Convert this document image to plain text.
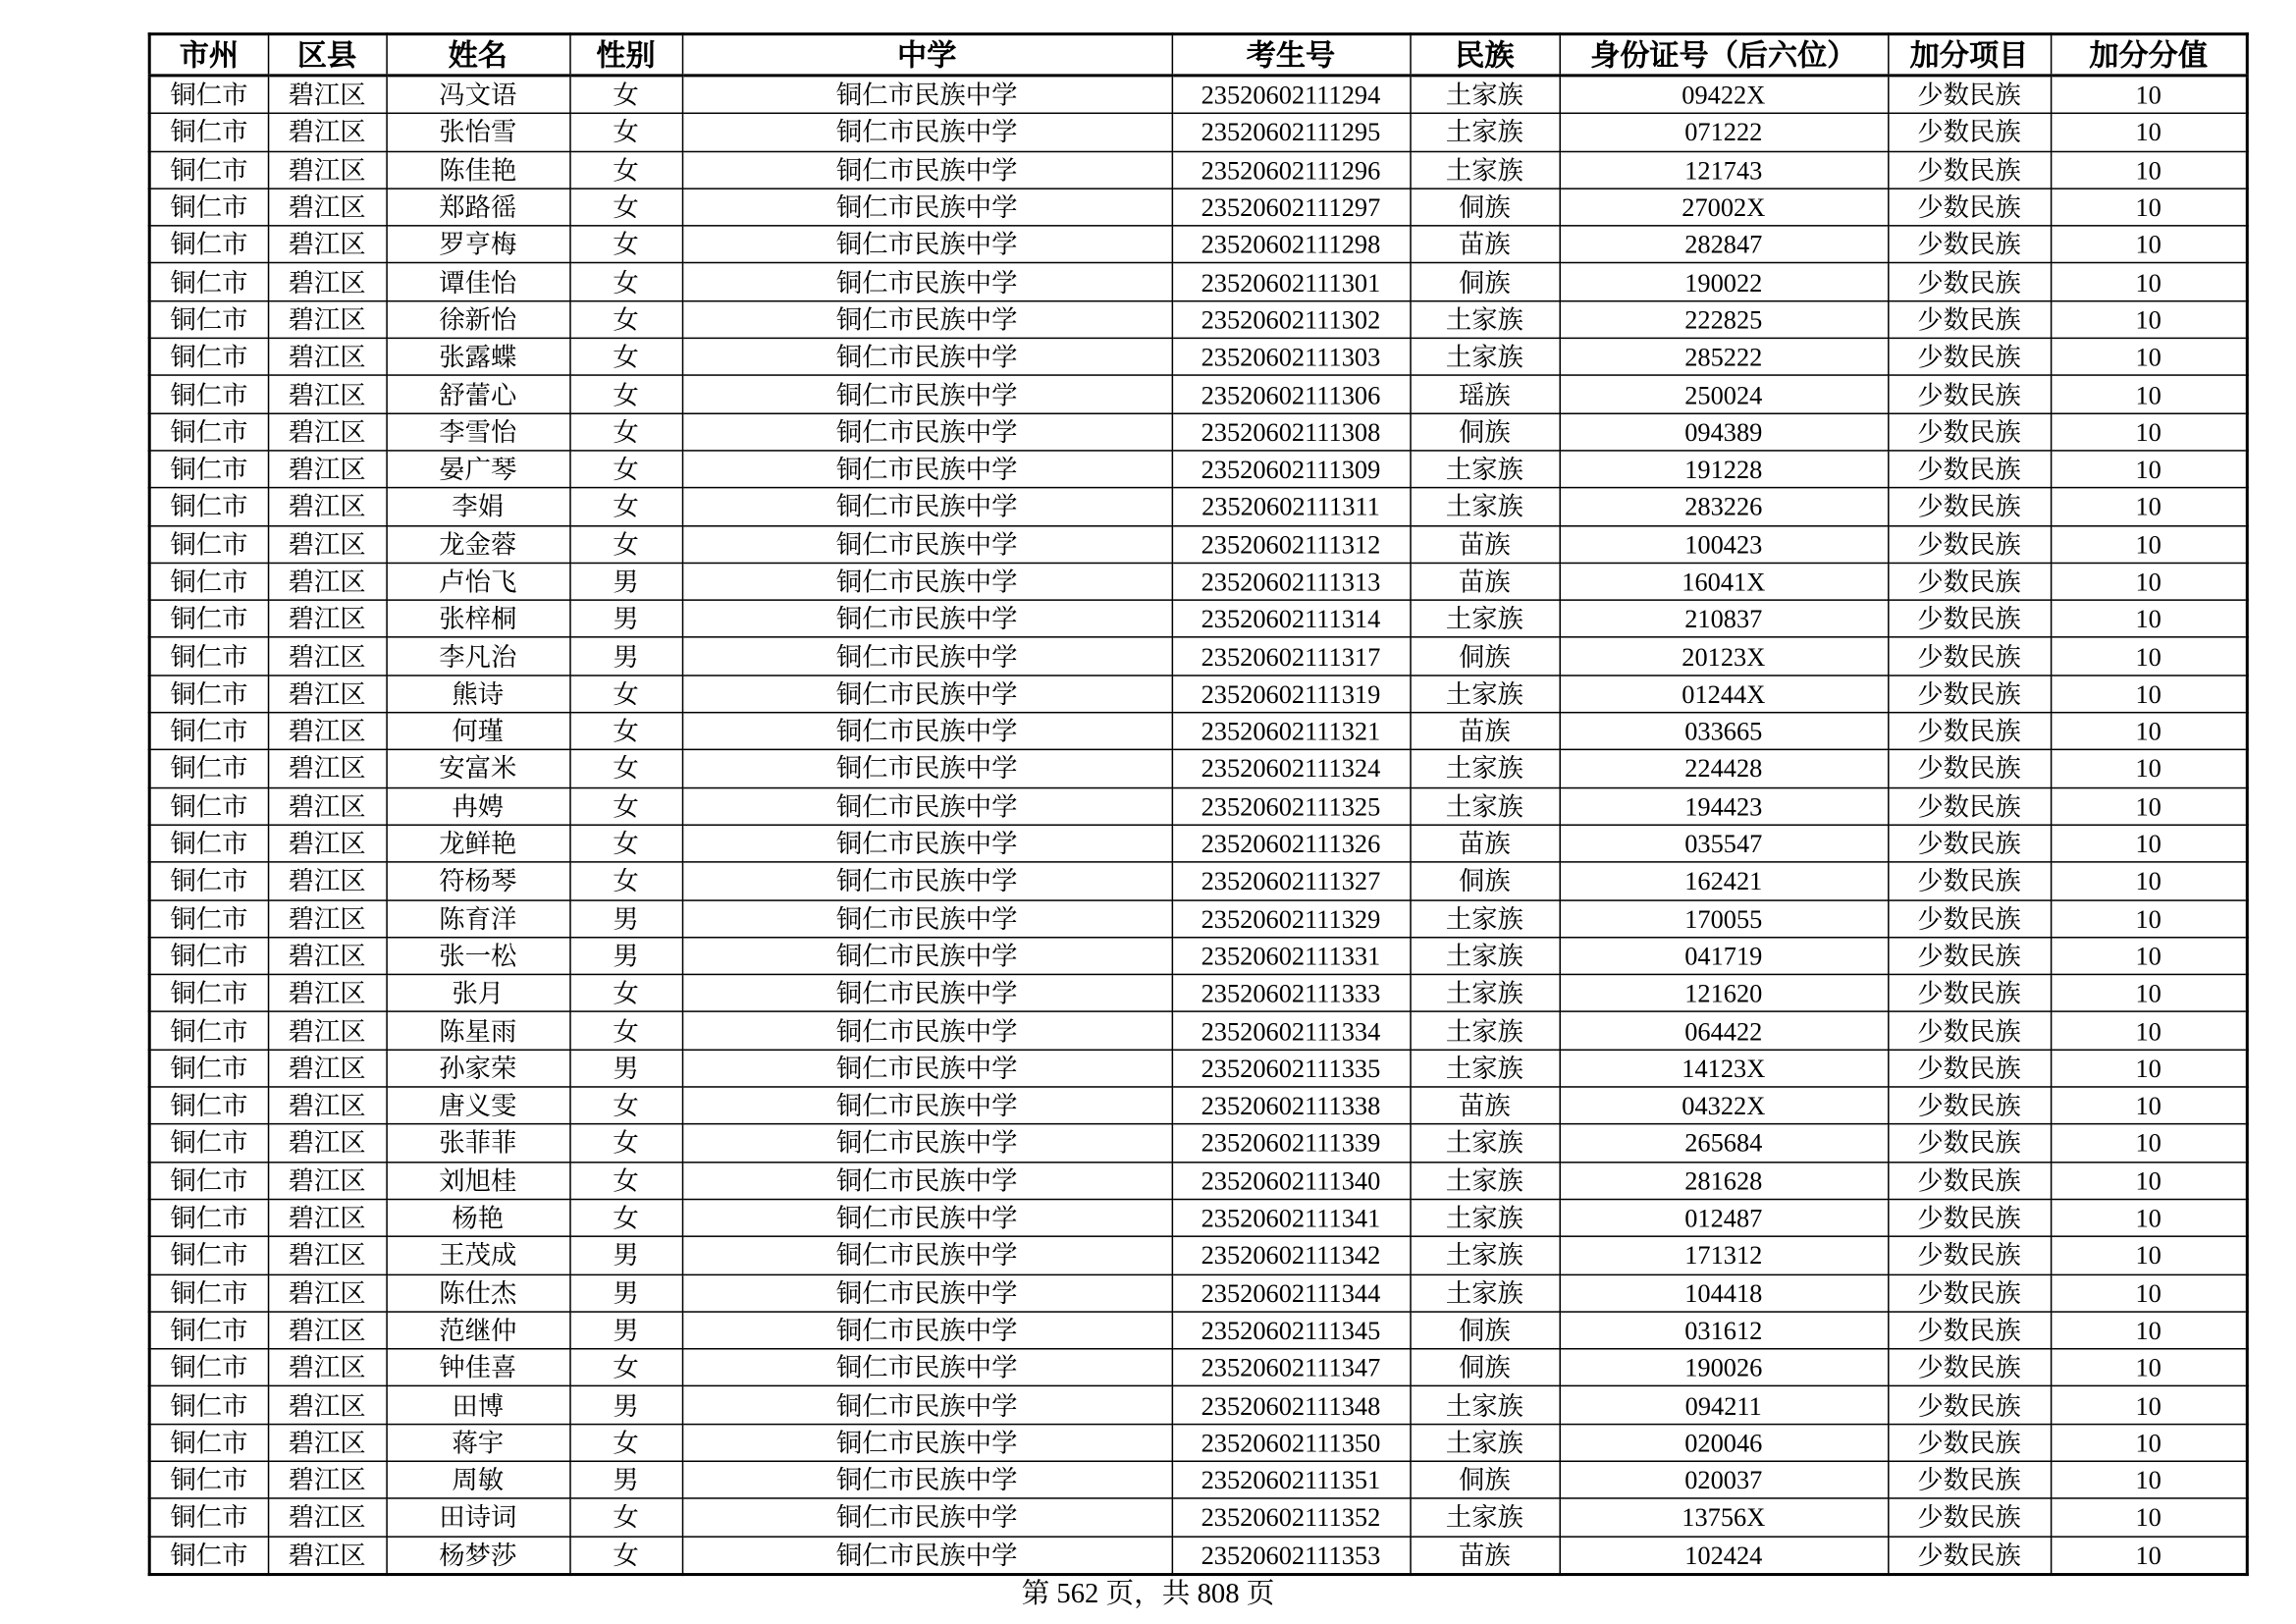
市州	区县	姓名	性别	中学	考生号	民族	身份证号（后六位）	加分项目	加分分值
铜仁市	碧江区	冯文语	女	铜仁市民族中学	23520602111294	土家族	09422X	少数民族	10
铜仁市	碧江区	张怡雪	女	铜仁市民族中学	23520602111295	土家族	071222	少数民族	10
铜仁市	碧江区	陈佳艳	女	铜仁市民族中学	23520602111296	土家族	121743	少数民族	10
铜仁市	碧江区	郑路徭	女	铜仁市民族中学	23520602111297	侗族	27002X	少数民族	10
铜仁市	碧江区	罗亨梅	女	铜仁市民族中学	23520602111298	苗族	282847	少数民族	10
铜仁市	碧江区	谭佳怡	女	铜仁市民族中学	23520602111301	侗族	190022	少数民族	10
铜仁市	碧江区	徐新怡	女	铜仁市民族中学	23520602111302	土家族	222825	少数民族	10
铜仁市	碧江区	张露蝶	女	铜仁市民族中学	23520602111303	土家族	285222	少数民族	10
铜仁市	碧江区	舒蕾心	女	铜仁市民族中学	23520602111306	瑶族	250024	少数民族	10
铜仁市	碧江区	李雪怡	女	铜仁市民族中学	23520602111308	侗族	094389	少数民族	10
铜仁市	碧江区	晏广琴	女	铜仁市民族中学	23520602111309	土家族	191228	少数民族	10
铜仁市	碧江区	李娟	女	铜仁市民族中学	23520602111311	土家族	283226	少数民族	10
铜仁市	碧江区	龙金蓉	女	铜仁市民族中学	23520602111312	苗族	100423	少数民族	10
铜仁市	碧江区	卢怡飞	男	铜仁市民族中学	23520602111313	苗族	16041X	少数民族	10
铜仁市	碧江区	张梓桐	男	铜仁市民族中学	23520602111314	土家族	210837	少数民族	10
铜仁市	碧江区	李凡治	男	铜仁市民族中学	23520602111317	侗族	20123X	少数民族	10
铜仁市	碧江区	熊诗	女	铜仁市民族中学	23520602111319	土家族	01244X	少数民族	10
铜仁市	碧江区	何瑾	女	铜仁市民族中学	23520602111321	苗族	033665	少数民族	10
铜仁市	碧江区	安富米	女	铜仁市民族中学	23520602111324	土家族	224428	少数民族	10
铜仁市	碧江区	冉娉	女	铜仁市民族中学	23520602111325	土家族	194423	少数民族	10
铜仁市	碧江区	龙鲜艳	女	铜仁市民族中学	23520602111326	苗族	035547	少数民族	10
铜仁市	碧江区	符杨琴	女	铜仁市民族中学	23520602111327	侗族	162421	少数民族	10
铜仁市	碧江区	陈育洋	男	铜仁市民族中学	23520602111329	土家族	170055	少数民族	10
铜仁市	碧江区	张一松	男	铜仁市民族中学	23520602111331	土家族	041719	少数民族	10
铜仁市	碧江区	张月	女	铜仁市民族中学	23520602111333	土家族	121620	少数民族	10
铜仁市	碧江区	陈星雨	女	铜仁市民族中学	23520602111334	土家族	064422	少数民族	10
铜仁市	碧江区	孙家荣	男	铜仁市民族中学	23520602111335	土家族	14123X	少数民族	10
铜仁市	碧江区	唐义雯	女	铜仁市民族中学	23520602111338	苗族	04322X	少数民族	10
铜仁市	碧江区	张菲菲	女	铜仁市民族中学	23520602111339	土家族	265684	少数民族	10
铜仁市	碧江区	刘旭桂	女	铜仁市民族中学	23520602111340	土家族	281628	少数民族	10
铜仁市	碧江区	杨艳	女	铜仁市民族中学	23520602111341	土家族	012487	少数民族	10
铜仁市	碧江区	王茂成	男	铜仁市民族中学	23520602111342	土家族	171312	少数民族	10
铜仁市	碧江区	陈仕杰	男	铜仁市民族中学	23520602111344	土家族	104418	少数民族	10
铜仁市	碧江区	范继仲	男	铜仁市民族中学	23520602111345	侗族	031612	少数民族	10
铜仁市	碧江区	钟佳喜	女	铜仁市民族中学	23520602111347	侗族	190026	少数民族	10
铜仁市	碧江区	田博	男	铜仁市民族中学	23520602111348	土家族	094211	少数民族	10
铜仁市	碧江区	蒋宇	女	铜仁市民族中学	23520602111350	土家族	020046	少数民族	10
铜仁市	碧江区	周敏	男	铜仁市民族中学	23520602111351	侗族	020037	少数民族	10
铜仁市	碧江区	田诗词	女	铜仁市民族中学	23520602111352	土家族	13756X	少数民族	10
铜仁市	碧江区	杨梦莎	女	铜仁市民族中学	23520602111353	苗族	102424	少数民族	10
第 562 页，共 808 页
